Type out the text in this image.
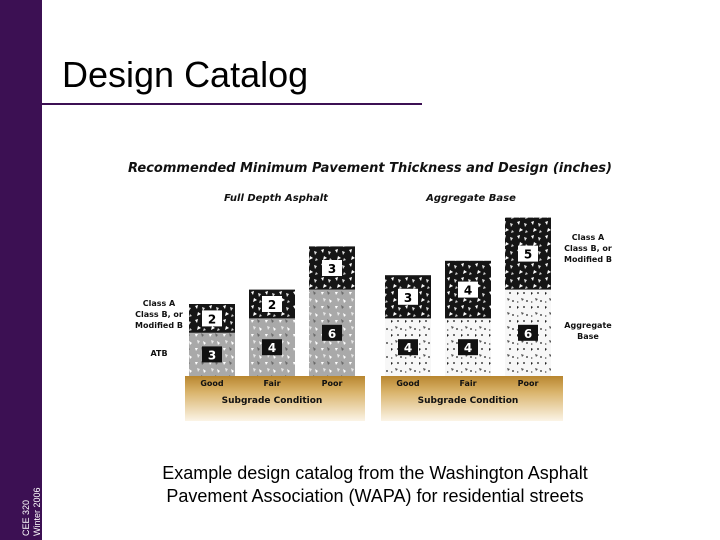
CEE 320 Winter 2006
Design Catalog
Recommended Minimum Pavement Thickness and Design (inches)
Full Depth Asphalt	Aggregate Base
Class A
Class B, or
Modified B
ATB
Class A
Class B, or
Modified B
Aggregate
Base
3
2
Good
4
2
Fair
6
3
Poor
Subgrade Condition
4
3
Good
4
4
Fair
6
5
Poor
Subgrade Condition
Example design catalog from the Washington Asphalt
Pavement Association (WAPA) for residential streets
